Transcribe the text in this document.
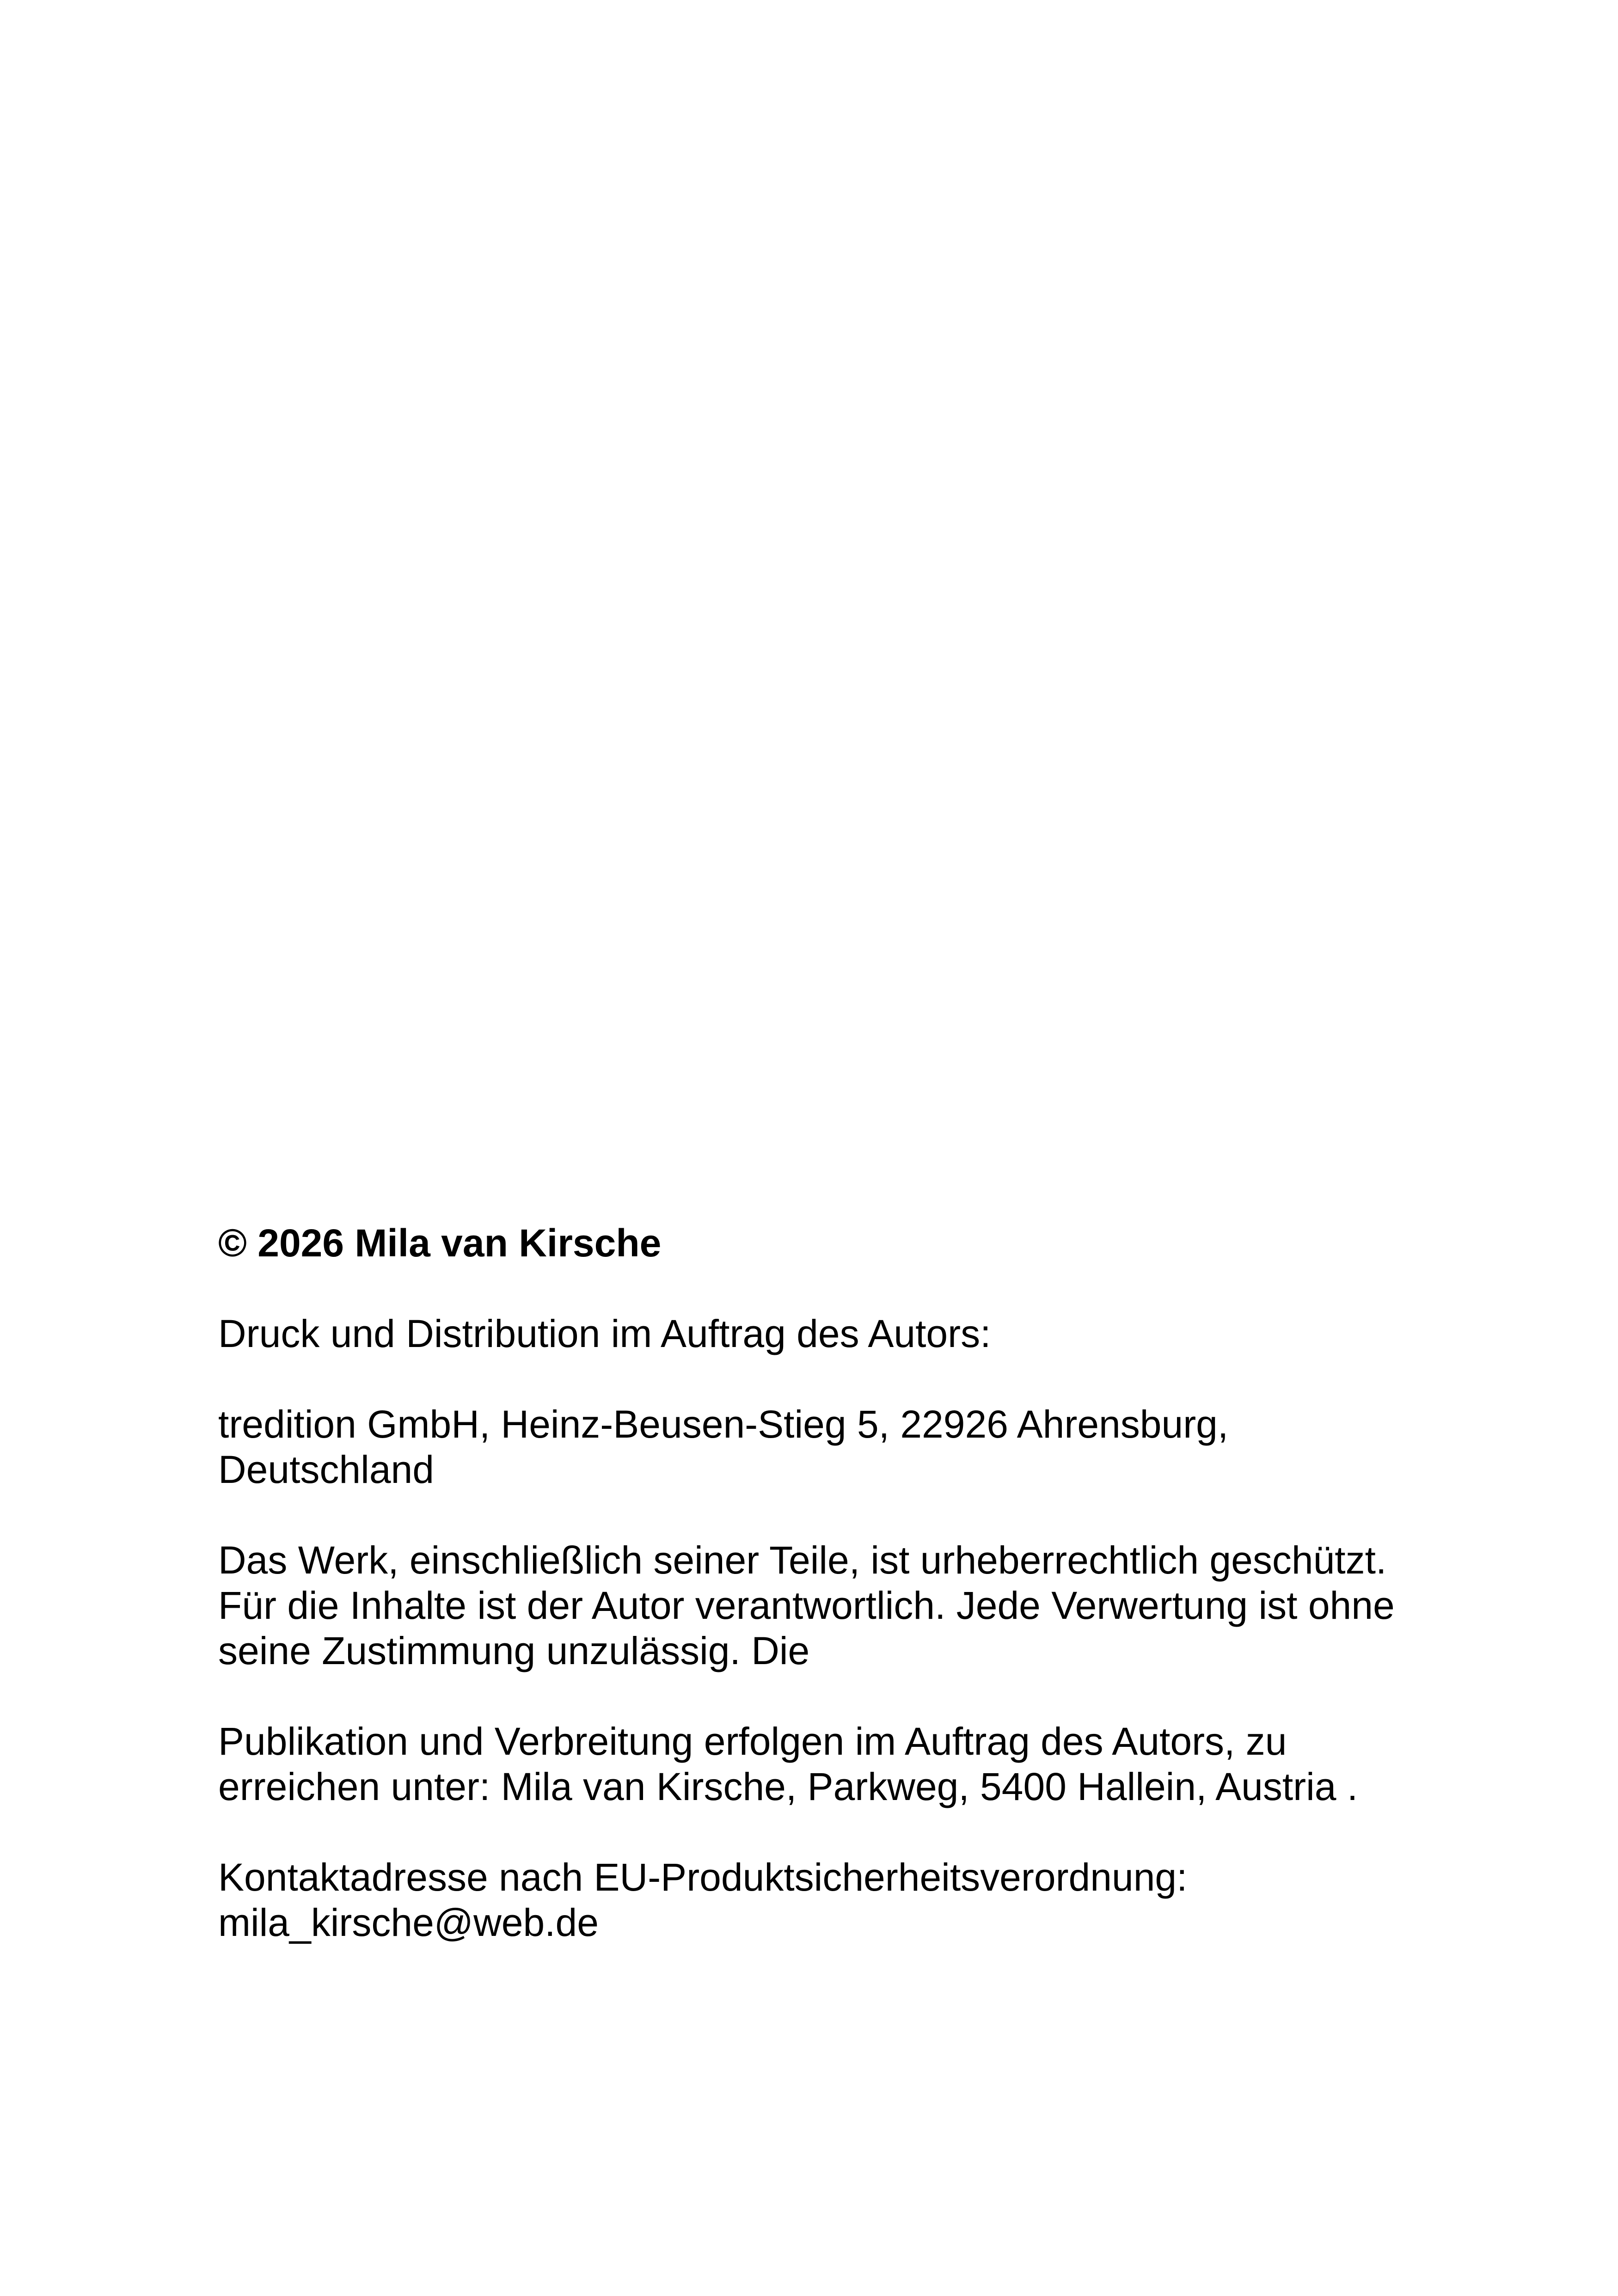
© 2026 Mila van Kirsche

Druck und Distribution im Auftrag des Autors:

tredition GmbH, Heinz-Beusen-Stieg 5, 22926 Ahrensburg,
Deutschland

Das Werk, einschließlich seiner Teile, ist urheberrechtlich geschützt.
Für die Inhalte ist der Autor verantwortlich. Jede Verwertung ist ohne
seine Zustimmung unzulässig. Die

Publikation und Verbreitung erfolgen im Auftrag des Autors, zu
erreichen unter: Mila van Kirsche, Parkweg, 5400 Hallein, Austria .

Kontaktadresse nach EU-Produktsicherheitsverordnung:
mila_kirsche@web.de
